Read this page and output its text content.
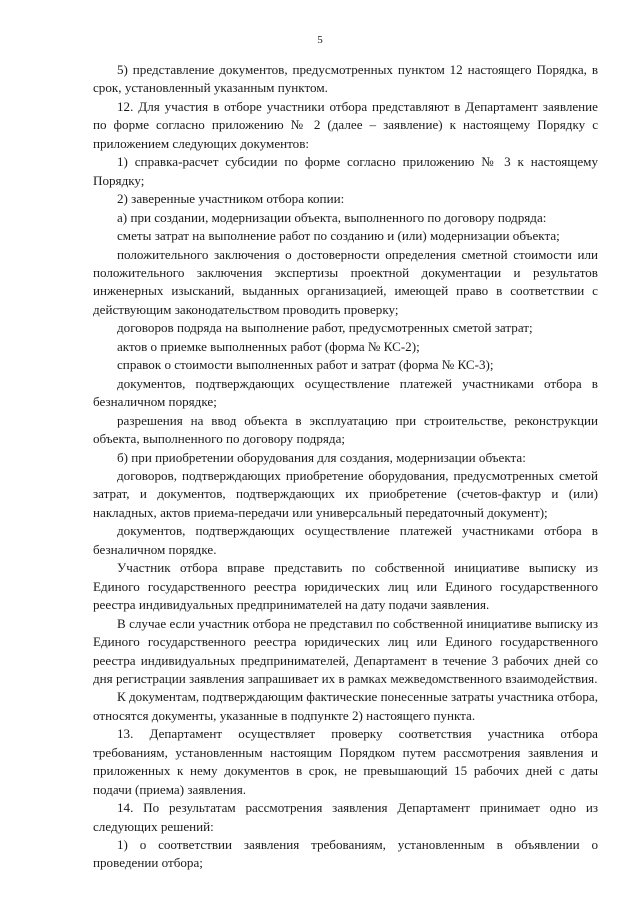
5

5) представление документов, предусмотренных пунктом 12 настоящего Порядка, в срок, установленный указанным пунктом.

12. Для участия в отборе участники отбора представляют в Департамент заявление по форме согласно приложению № 2 (далее – заявление) к настоящему Порядку с приложением следующих документов:

1) справка-расчет субсидии по форме согласно приложению № 3 к настоящему Порядку;

2) заверенные участником отбора копии:

а) при создании, модернизации объекта, выполненного по договору подряда:

сметы затрат на выполнение работ по созданию и (или) модернизации объекта;

положительного заключения о достоверности определения сметной стоимости или положительного заключения экспертизы проектной документации и результатов инженерных изысканий, выданных организацией, имеющей право в соответствии с действующим законодательством проводить проверку;

договоров подряда на выполнение работ, предусмотренных сметой затрат;

актов о приемке выполненных работ (форма № КС-2);

справок о стоимости выполненных работ и затрат (форма № КС-3);

документов, подтверждающих осуществление платежей участниками отбора в безналичном порядке;

разрешения на ввод объекта в эксплуатацию при строительстве, реконструкции объекта, выполненного по договору подряда;

б) при приобретении оборудования для создания, модернизации объекта:

договоров, подтверждающих приобретение оборудования, предусмотренных сметой затрат, и документов, подтверждающих их приобретение (счетов-фактур и (или) накладных, актов приема-передачи или универсальный передаточный документ);

документов, подтверждающих осуществление платежей участниками отбора в безналичном порядке.

Участник отбора вправе представить по собственной инициативе выписку из Единого государственного реестра юридических лиц или Единого государственного реестра индивидуальных предпринимателей на дату подачи заявления.

В случае если участник отбора не представил по собственной инициативе выписку из Единого государственного реестра юридических лиц или Единого государственного реестра индивидуальных предпринимателей, Департамент в течение 3 рабочих дней со дня регистрации заявления запрашивает их в рамках межведомственного взаимодействия.

К документам, подтверждающим фактические понесенные затраты участника отбора, относятся документы, указанные в подпункте 2) настоящего пункта.

13. Департамент осуществляет проверку соответствия участника отбора требованиям, установленным настоящим Порядком путем рассмотрения заявления и приложенных к нему документов в срок, не превышающий 15 рабочих дней с даты подачи (приема) заявления.

14. По результатам рассмотрения заявления Департамент принимает одно из следующих решений:

1) о соответствии заявления требованиям, установленным в объявлении о проведении отбора;
